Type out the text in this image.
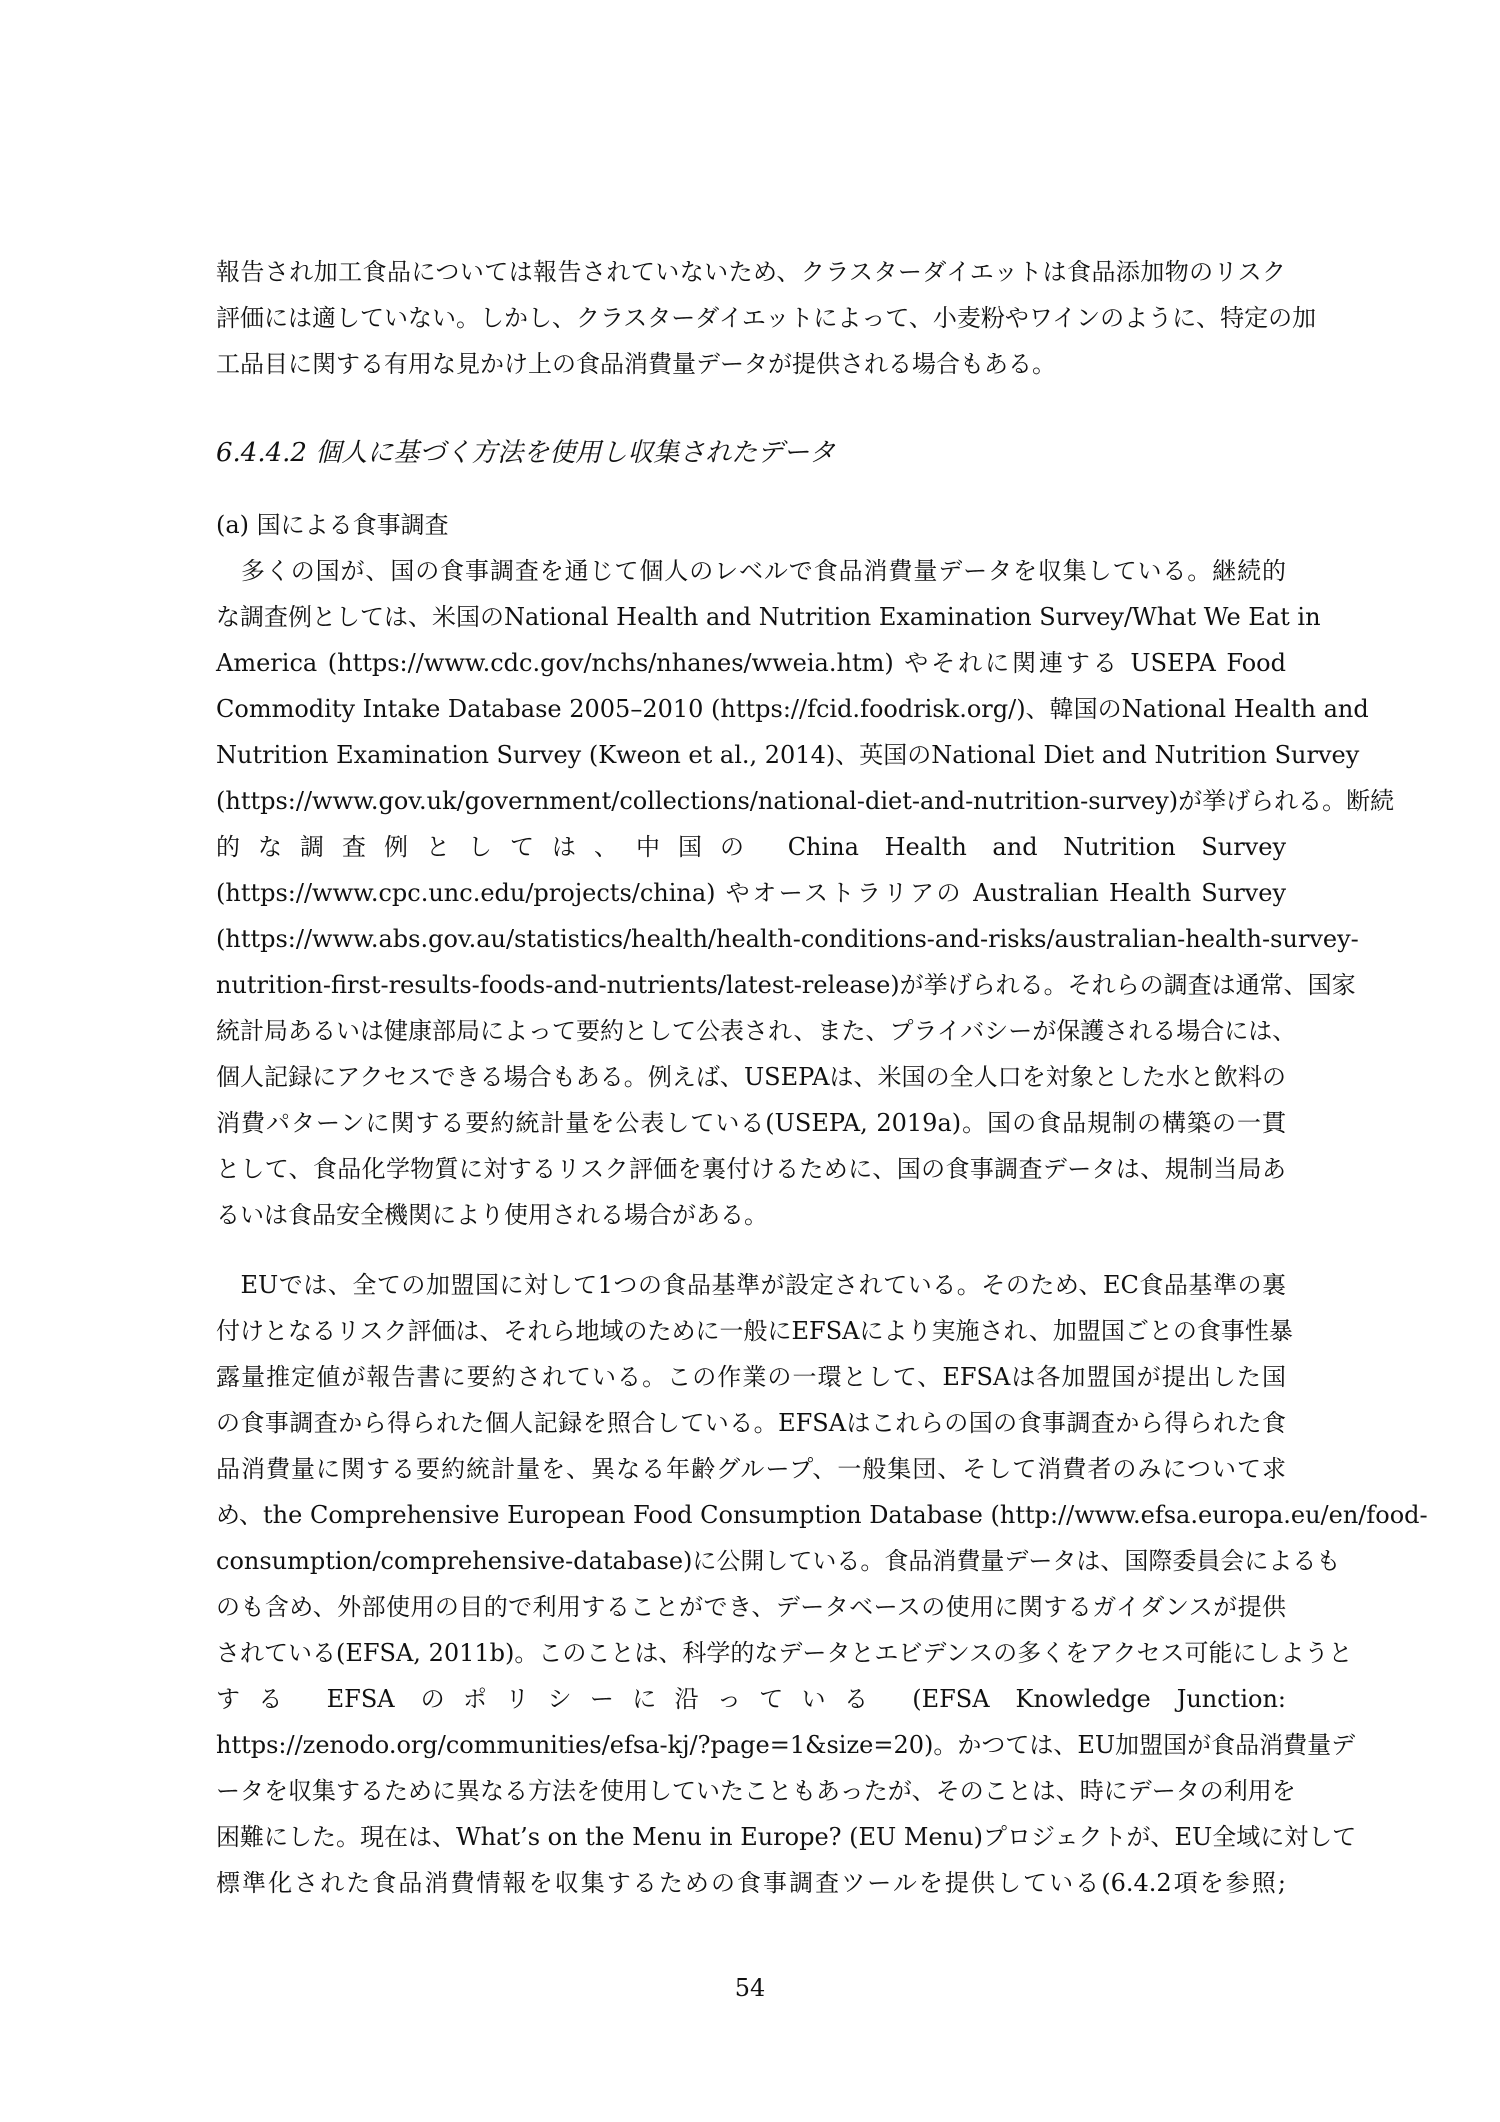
報告され加工食品については報告されていないため、クラスターダイエットは食品添加物のリスク
評価には適していない。しかし、クラスターダイエットによって、小麦粉やワインのように、特定の加
工品目に関する有用な見かけ上の食品消費量データが提供される場合もある。
6.4.4.2 個人に基づく方法を使用し収集されたデータ
(a) 国による食事調査
　多くの国が、国の食事調査を通じて個人のレベルで食品消費量データを収集している。継続的
な調査例としては、米国のNational Health and Nutrition Examination Survey/What We Eat in
America (https://www.cdc.gov/nchs/nhanes/wweia.htm) やそれに関連する USEPA Food
Commodity Intake Database 2005–2010 (https://fcid.foodrisk.org/)、韓国のNational Health and
Nutrition Examination Survey (Kweon et al., 2014)、英国のNational Diet and Nutrition Survey
(https://www.gov.uk/government/collections/national-diet-and-nutrition-survey)が挙げられる。断続
的な調査例としては、中国の China Health and Nutrition Survey
(https://www.cpc.unc.edu/projects/china) やオーストラリアの Australian Health Survey
(https://www.abs.gov.au/statistics/health/health-conditions-and-risks/australian-health-survey-
nutrition-first-results-foods-and-nutrients/latest-release)が挙げられる。それらの調査は通常、国家
統計局あるいは健康部局によって要約として公表され、また、プライバシーが保護される場合には、
個人記録にアクセスできる場合もある。例えば、USEPAは、米国の全人口を対象とした水と飲料の
消費パターンに関する要約統計量を公表している(USEPA, 2019a)。国の食品規制の構築の一貫
として、食品化学物質に対するリスク評価を裏付けるために、国の食事調査データは、規制当局あ
るいは食品安全機関により使用される場合がある。
　EUでは、全ての加盟国に対して1つの食品基準が設定されている。そのため、EC食品基準の裏
付けとなるリスク評価は、それら地域のために一般にEFSAにより実施され、加盟国ごとの食事性暴
露量推定値が報告書に要約されている。この作業の一環として、EFSAは各加盟国が提出した国
の食事調査から得られた個人記録を照合している。EFSAはこれらの国の食事調査から得られた食
品消費量に関する要約統計量を、異なる年齢グループ、一般集団、そして消費者のみについて求
め、the Comprehensive European Food Consumption Database (http://www.efsa.europa.eu/en/food-
consumption/comprehensive-database)に公開している。食品消費量データは、国際委員会によるも
のも含め、外部使用の目的で利用することができ、データベースの使用に関するガイダンスが提供
されている(EFSA, 2011b)。このことは、科学的なデータとエビデンスの多くをアクセス可能にしようと
する EFSA のポリシーに沿っている (EFSA Knowledge Junction:
https://zenodo.org/communities/efsa-kj/?page=1&size=20)。かつては、EU加盟国が食品消費量デ
ータを収集するために異なる方法を使用していたこともあったが、そのことは、時にデータの利用を
困難にした。現在は、What’s on the Menu in Europe? (EU Menu)プロジェクトが、EU全域に対して
標準化された食品消費情報を収集するための食事調査ツールを提供している(6.4.2項を参照;
54
